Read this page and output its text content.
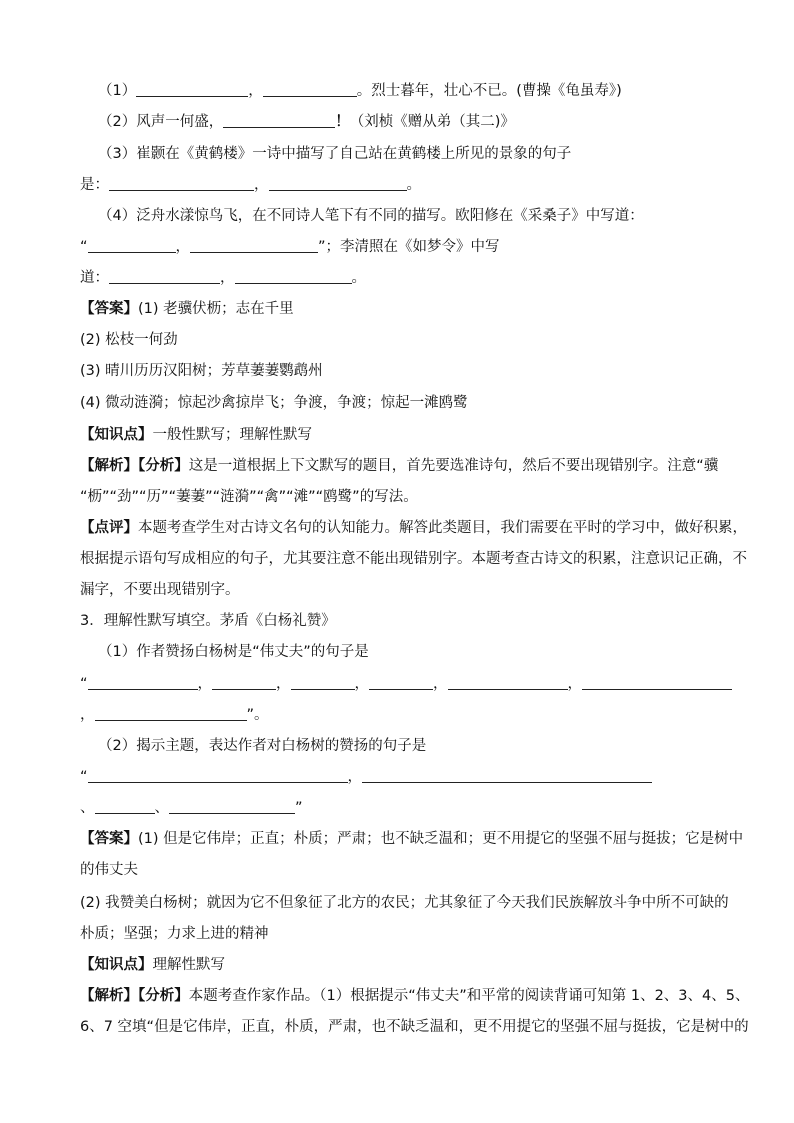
（1）	，	。烈士暮年，壮心不已。(曹操《龟虽寿》)
（2）风声一何盛，	！（刘桢《赠从弟（其二)》
（3）崔颢在《黄鹤楼》一诗中描写了自己站在黄鹤楼上所见的景象的句子
是：	，	。
（4）泛舟水漾惊鸟飞，在不同诗人笔下有不同的描写。欧阳修在《采桑子》中写道：
“	，	”；李清照在《如梦令》中写
道：	，	。
【答案】(1) 老骥伏枥；志在千里
(2) 松枝一何劲
(3) 晴川历历汉阳树；芳草萋萋鹦鹉州
(4) 微动涟漪；惊起沙禽掠岸飞；争渡，争渡；惊起一滩鸥鹭
【知识点】一般性默写；理解性默写
【解析】【分析】这是一道根据上下文默写的题目，首先要选准诗句，然后不要出现错别字。注意“骥
“枥”“劲”“历”“萋萋”“涟漪”“禽”“滩”“鸥鹭”的写法。
【点评】本题考查学生对古诗文名句的认知能力。解答此类题目，我们需要在平时的学习中，做好积累，
根据提示语句写成相应的句子，尤其要注意不能出现错别字。本题考查古诗文的积累，注意识记正确，不
漏字，不要出现错别字。
3．理解性默写填空。茅盾《白杨礼赞》
（1）作者赞扬白杨树是“伟丈夫”的句子是
“	，	，	，	，	，
，	”。
（2）揭示主题，表达作者对白杨树的赞扬的句子是
“	，
、	、	”
【答案】(1) 但是它伟岸；正直；朴质；严肃；也不缺乏温和；更不用提它的坚强不屈与挺拔；它是树中
的伟丈夫
(2) 我赞美白杨树；就因为它不但象征了北方的农民；尤其象征了今天我们民族解放斗争中所不可缺的
朴质；坚强；力求上进的精神
【知识点】理解性默写
【解析】【分析】本题考查作家作品。（1）根据提示“伟丈夫”和平常的阅读背诵可知第 1、2、3、4、5、
6、7 空填“但是它伟岸，正直，朴质，严肃，也不缺乏温和，更不用提它的坚强不屈与挺拔，它是树中的
